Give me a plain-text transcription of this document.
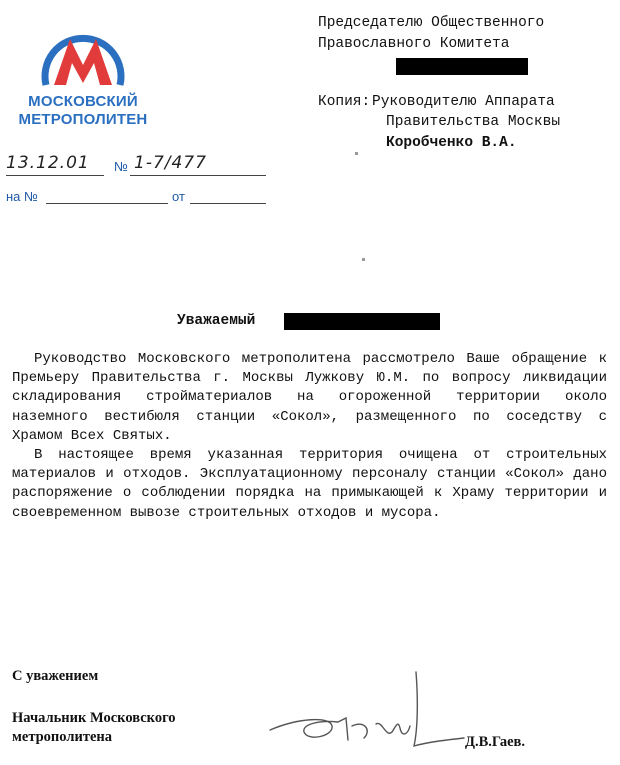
МОСКОВСКИЙ
МЕТРОПОЛИТЕН
Председателю Общественного
Православного Комитета
Копия: Руководителю Аппарата
Правительства Москвы
Коробченко В.А.
13.12.01 № 1-7/477
на №	от
Уважаемый

Руководство Московского метрополитена рассмотрело Ваше обращение к Премьеру Правительства г. Москвы Лужкову Ю.М. по вопросу ликвидации складирования стройматериалов на огороженной территории около наземного вестибюля станции «Сокол», размещенного по соседству с Храмом Всех Святых.

В настоящее время указанная территория очищена от строительных материалов и отходов. Эксплуатационному персоналу станции «Сокол» дано распоряжение о соблюдении порядка на примыкающей к Храму территории и своевременном вывозе строительных отходов и мусора.

С уважением
Начальник Московского
метрополитена	Д.В.Гаев.
